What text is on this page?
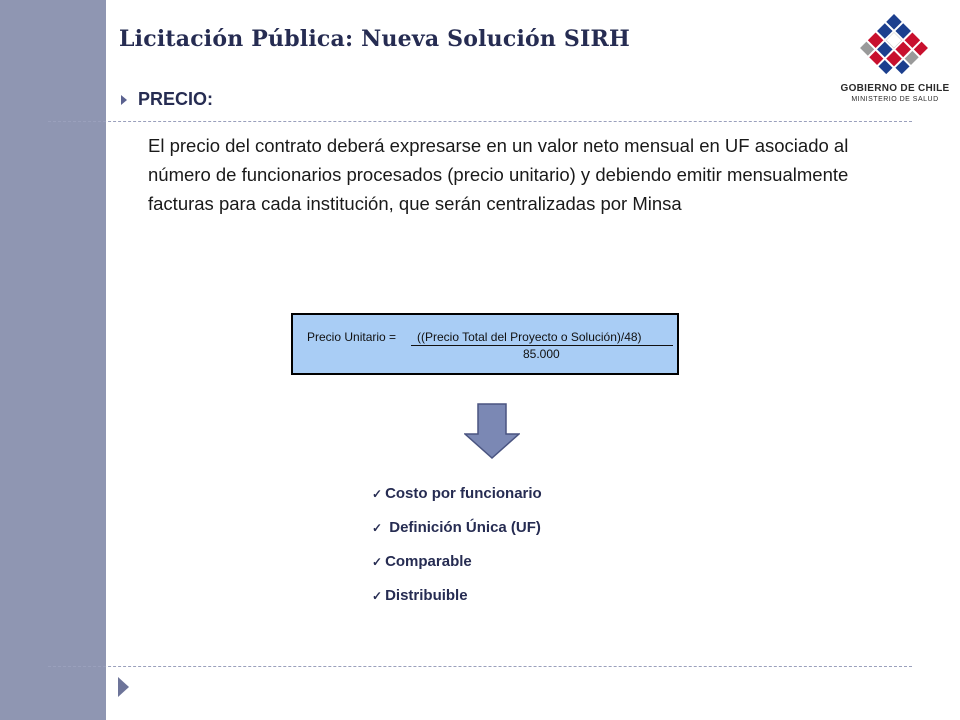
Licitación Pública: Nueva Solución SIRH
GOBIERNO DE CHILE
MINISTERIO DE SALUD
PRECIO:

El precio del contrato deberá expresarse en un valor neto mensual en UF asociado al número de funcionarios procesados (precio unitario) y debiendo emitir mensualmente facturas para cada institución, que serán centralizadas por Minsa

Precio Unitario = ((Precio Total del Proyecto o Solución)/48)
85.000
✓ Costo por funcionario
✓ Definición Única (UF)
✓ Comparable
✓ Distribuible
